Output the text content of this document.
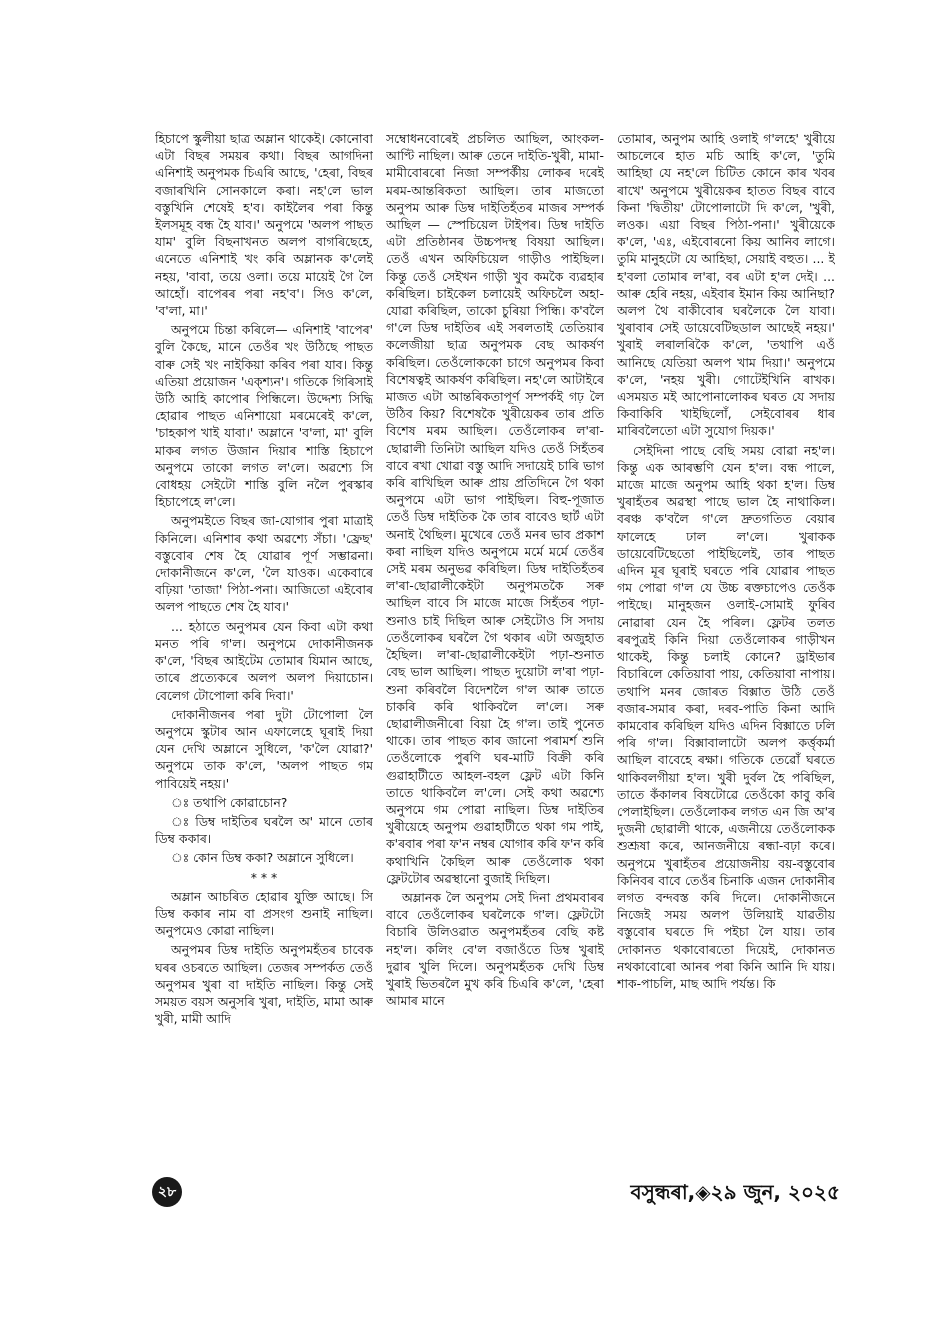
হিচাপে স্কুলীয়া ছাত্ৰ অম্লান থাকেই। কোনোবা এটা বিছৰ সময়ৰ কথা। বিছৰ আগদিনা এনিশাই অনুপমক চিএৰি আছে, 'হেৰা, বিছৰ বজাৰখিনি সোনকালে কৰা। নহ'লে ভাল বস্তুখিনি শেষেই হ'ব। কাইলৈৰ পৰা কিন্তু ইলসমূহ বন্ধ হৈ যাব।' অনুপমে 'অলপ পাছত যাম' বুলি বিছনাখনত অলপ বাগৰিছেহে, এনেতে এনিশাই খং কৰি অম্লানক ক'লেই নহয়, 'বাবা, তয়ে ওলা। তয়ে মায়েই গৈ লৈ আহোঁ। বাপেৰৰ পৰা নহ'ব'। সিও ক'লে, 'ব'লা, মা।'

অনুপমে চিন্তা কৰিলে— এনিশাই 'বাপেৰ' বুলি কৈছে, মানে তেওঁৰ খং উঠিছে পাছত বাৰু সেই খং নাইকিয়া কৰিব পৰা যাব। কিন্তু এতিয়া প্ৰয়োজন 'এক্শ্যন'। গতিকে গিৰিসাই উঠি আহি কাপোৰ পিন্ধিলে। উদ্দেশ্য সিদ্ধি হোৱাৰ পাছত এনিশায়ো মৰমেৰেই ক'লে, 'চাহকাপ খাই যাবা।' অম্লানে 'ব'লা, মা' বুলি মাকৰ লগত উজান দিয়াৰ শাস্তি হিচাপে অনুপমে তাকো লগত ল'লে। অৱশ্যে সি বোধহয় সেইটো শাস্তি বুলি নলৈ পুৰস্কাৰ হিচাপেহে ল'লে।

অনুপমইতে বিছৰ জা-যোগাৰ পুৰা মাত্ৰাই কিনিলে। এনিশাৰ কথা অৱশ্যে সঁচা। 'ফ্ৰেছ' বস্তুবোৰ শেষ হৈ যোৱাৰ পূৰ্ণ সম্ভাৱনা। দোকানীজনে ক'লে, 'লৈ যাওক। একেবাৰে বঢ়িয়া 'তাজা' পিঠা-পনা। আজিতো এইবোৰ অলপ পাছতে শেষ হৈ যাব।'

... হঠাতে অনুপমৰ যেন কিবা এটা কথা মনত পৰি গ'ল। অনুপমে দোকানীজনক ক'লে, 'বিছৰ আইটেম তোমাৰ যিমান আছে, তাৰে প্ৰত্যেকৰে অলপ অলপ দিয়াচোন। বেলেগ টোপোলা কৰি দিবা।'

দোকানীজনৰ পৰা দুটা টোপোলা লৈ অনুপমে স্কুটাৰ আন এফালেহে ঘূৰাই দিয়া যেন দেখি অম্লানে সুধিলে, 'ক'লৈ যোৱা?' অনুপমে তাক ক'লে, 'অলপ পাছত গম পাবিয়েই নহয়।'

ঃ তথাপি কোৱাচোন?

ঃ ডিম্ব দাইতিৰ ঘৰলৈ অ' মানে তোৰ ডিম্ব ককাৰ।

ঃ কোন ডিম্ব ককা? অম্লানে সুধিলে।

* * *

অম্লান আচৰিত হোৱাৰ যুক্তি আছে। সি ডিম্ব ককাৰ নাম বা প্ৰসংগ শুনাই নাছিল। অনুপমেও কোৱা নাছিল।

অনুপমৰ ডিম্ব দাইতি অনুপমহঁতৰ চাবেক ঘৰৰ ওচৰতে আছিল। তেজৰ সম্পৰ্কত তেওঁ অনুপমৰ খুৰা বা দাইতি নাছিল। কিন্তু সেই সময়ত বয়স অনুসৰি খুৰা, দাইতি, মামা আৰু খুৰী, মামী আদি

সম্বোধনবোৰেই প্ৰচলিত আছিল, আংকল-আণ্টি নাছিল। আৰু তেনে দাইতি-খুৰী, মামা-মামীবোৰৰো নিজা সম্পৰ্কীয় লোকৰ দৰেই মৰম-আন্তৰিকতা আছিল। তাৰ মাজতো অনুপম আৰু ডিম্ব দাইতিহঁতৰ মাজৰ সম্পৰ্ক আছিল — স্পেচিয়েল টাইপৰ। ডিম্ব দাইতি এটা প্ৰতিষ্ঠানৰ উচ্চপদস্থ বিষয়া আছিল। তেওঁ এখন অফিচিয়েল গাড়ীও পাইছিল। কিন্তু তেওঁ সেইখন গাড়ী খুব কমকৈ ব্যৱহাৰ কৰিছিল। চাইকেল চলায়েই অফিচলৈ অহা-যোৱা কৰিছিল, তাকো চুৰিয়া পিন্ধি। ক'বলৈ গ'লে ডিম্ব দাইতিৰ এই সৰলতাই তেতিয়াৰ কলেজীয়া ছাত্ৰ অনুপমক বেছ আকৰ্ষণ কৰিছিল। তেওঁলোককো চাগে অনুপমৰ কিবা বিশেষত্বই আকৰ্ষণ কৰিছিল। নহ'লে আটাইৰে মাজত এটা আন্তৰিকতাপূৰ্ণ সম্পৰ্কই গঢ় লৈ উঠিব কিয়? বিশেষকৈ খুৰীয়েকৰ তাৰ প্ৰতি বিশেষ মৰম আছিল। তেওঁলোকৰ ল'ৰা-ছোৱালী তিনিটা আছিল যদিও তেওঁ সিহঁতৰ বাবে ৰখা খোৱা বস্তু আদি সদায়েই চাৰি ভাগ কৰি ৰাখিছিল আৰু প্ৰায় প্ৰতিদিনে গৈ থকা অনুপমে এটা ভাগ পাইছিল। বিহু-পূজাত তেওঁ ডিম্ব দাইতিক কৈ তাৰ বাবেও ছাৰ্ট এটা অনাই থৈছিল। মুখেৰে তেওঁ মনৰ ভাব প্ৰকাশ কৰা নাছিল যদিও অনুপমে মৰ্মে মৰ্মে তেওঁৰ সেই মৰম অনুভৱ কৰিছিল। ডিম্ব দাইতিহঁতৰ ল'ৰা-ছোৱালীকেইটা অনুপমতকৈ সৰু আছিল বাবে সি মাজে মাজে সিহঁতৰ পঢ়া-শুনাও চাই দিছিল আৰু সেইটোও সি সদায় তেওঁলোকৰ ঘৰলৈ গৈ থকাৰ এটা অজুহাত হৈছিল। ল'ৰা-ছোৱালীকেইটা পঢ়া-শুনাত বেছ ভাল আছিল। পাছত দুয়োটা ল'ৰা পঢ়া-শুনা কৰিবলৈ বিদেশলৈ গ'ল আৰু তাতে চাকৰি কৰি থাকিবলৈ ল'লে। সৰু ছোৱালীজনীৰো বিয়া হৈ গ'ল। তাই পুনেত থাকে। তাৰ পাছত কাৰ জানো পৰামৰ্শ শুনি তেওঁলোকে পুৰণি ঘৰ-মাটি বিক্ৰী কৰি গুৱাহাটীতে আহল-বহল ফ্লেট এটা কিনি তাতে থাকিবলৈ ল'লে। সেই কথা অৱশ্যে অনুপমে গম পোৱা নাছিল। ডিম্ব দাইতিৰ খুৰীয়েহে অনুপম গুৱাহাটীতে থকা গম পাই, ক'ৰবাৰ পৰা ফ'ন নম্বৰ যোগাৰ কৰি ফ'ন কৰি কথাখিনি কৈছিল আৰু তেওঁলোক থকা ফ্লেটটোৰ অৱস্থানো বুজাই দিছিল।

অম্লানক লৈ অনুপম সেই দিনা প্ৰথমবাৰৰ বাবে তেওঁলোকৰ ঘৰলৈকে গ'ল। ফ্লেটটো বিচাৰি উলিওৱাত অনুপমহঁতৰ বেছি কষ্ট নহ'ল। কলিং বে'ল বজাওঁতে ডিম্ব খুৰাই দুৱাৰ খুলি দিলে। অনুপমহঁতক দেখি ডিম্ব খুৰাই ভিতৰলৈ মুখ কৰি চিএৰি ক'লে, 'হেৰা আমাৰ মানে

তোমাৰ, অনুপম আহি ওলাই গ'লহে' খুৰীয়ে আচলেৰে হাত মচি আহি ক'লে, 'তুমি আহিছা যে নহ'লে চিটিত কোনে কাৰ খবৰ ৰাখে' অনুপমে খুৰীয়েকৰ হাতত বিছৰ বাবে কিনা 'দ্বিতীয়' টোপোলাটো দি ক'লে, 'খুৰী, লওক। এয়া বিছৰ পিঠা-পনা।' খুৰীয়েকে ক'লে, 'এঃ, এইবোৰনো কিয় আনিব লাগে। তুমি মানুহটো যে আহিছা, সেয়াই বহুত। ... ই হ'বলা তোমাৰ ল'ৰা, বৰ এটা হ'ল দেই। ... আৰু হেৰি নহয়, এইবাৰ ইমান কিয় আনিছা? অলপ থৈ বাকীবোৰ ঘৰলৈকে লৈ যাবা। খুৰাবাৰ সেই ডায়েবেটিছডাল আছেই নহয়।' খুৰাই লৰালৰিকৈ ক'লে, 'তথাপি এওঁ আনিছে যেতিয়া অলপ খাম দিয়া।' অনুপমে ক'লে, 'নহয় খুৰী। গোটেইখিনি ৰাখক। এসময়ত মই আপোনালোকৰ ঘৰত যে সদায় কিবাকিবি খাইছিলোঁ, সেইবোৰৰ ধাৰ মাৰিবলৈতো এটা সুযোগ দিয়ক।'

সেইদিনা পাছে বেছি সময় বোৱা নহ'ল। কিন্তু এক আৰম্ভণি যেন হ'ল। বন্ধ পালে, মাজে মাজে অনুপম আহি থকা হ'ল। ডিম্ব খুৰাহঁতৰ অৱস্থা পাছে ভাল হৈ নাথাকিল। বৰঞ্চ ক'বলৈ গ'লে দ্ৰুতগতিত বেয়াৰ ফালেহে ঢাল ল'লে। খুৰাকক ডায়েবেটিছেতো পাইছিলেই, তাৰ পাছত এদিন মূৰ ঘূৰাই ঘৰতে পৰি যোৱাৰ পাছত গম পোৱা গ'ল যে উচ্চ ৰক্তচাপেও তেওঁক পাইছে। মানুহজন ওলাই-সোমাই ফুৰিব নোৱাৰা যেন হৈ পৰিল। ফ্লেটৰ তলত ৰৰপুত্ৰই কিনি দিয়া তেওঁলোকৰ গাড়ীখন থাকেই, কিন্তু চলাই কোনে? ড্ৰাইভাৰ বিচাৰিলে কেতিয়াবা পায়, কেতিয়াবা নাপায়। তথাপি মনৰ জোৰত বিক্সাত উঠি তেওঁ বজাৰ-সমাৰ কৰা, দৰব-পাতি কিনা আদি কামবোৰ কৰিছিল যদিও এদিন বিক্সাতে ঢলি পৰি গ'ল। বিক্সাবালাটো অলপ কৰ্ত্তৃকৰ্মা আছিল বাবেহে ৰক্ষা। গতিকে তেৱোঁ ঘৰতে থাকিবলগীয়া হ'ল। খুৰী দুৰ্বল হৈ পৰিছিল, তাতে কঁকালৰ বিষটোৱে তেওঁকো কাবু কৰি পেলাইছিল। তেওঁলোকৰ লগত এন জি অ'ৰ দুজনী ছোৱালী থাকে, এজনীয়ে তেওঁলোকক শুশ্ৰূষা কৰে, আনজনীয়ে ৰন্ধা-বঢ়া কৰে। অনুপমে খুৰাহঁতৰ প্ৰয়োজনীয় বয়-বস্তুবোৰ কিনিবৰ বাবে তেওঁৰ চিনাকি এজন দোকানীৰ লগত বন্দবস্ত কৰি দিলে। দোকানীজনে নিজেই সময় অলপ উলিয়াই যাৱতীয় বস্তুবোৰ ঘৰতে দি পইচা লৈ যায়। তাৰ দোকানত থকাবোৰতো দিয়েই, দোকানত নথকাবোৰো আনৰ পৰা কিনি আনি দি যায়। শাক-পাচলি, মাছ আদি পৰ্যন্ত। কি

২৮	বসুন্ধৰা,◈২৯ জুন, ২০২৫
